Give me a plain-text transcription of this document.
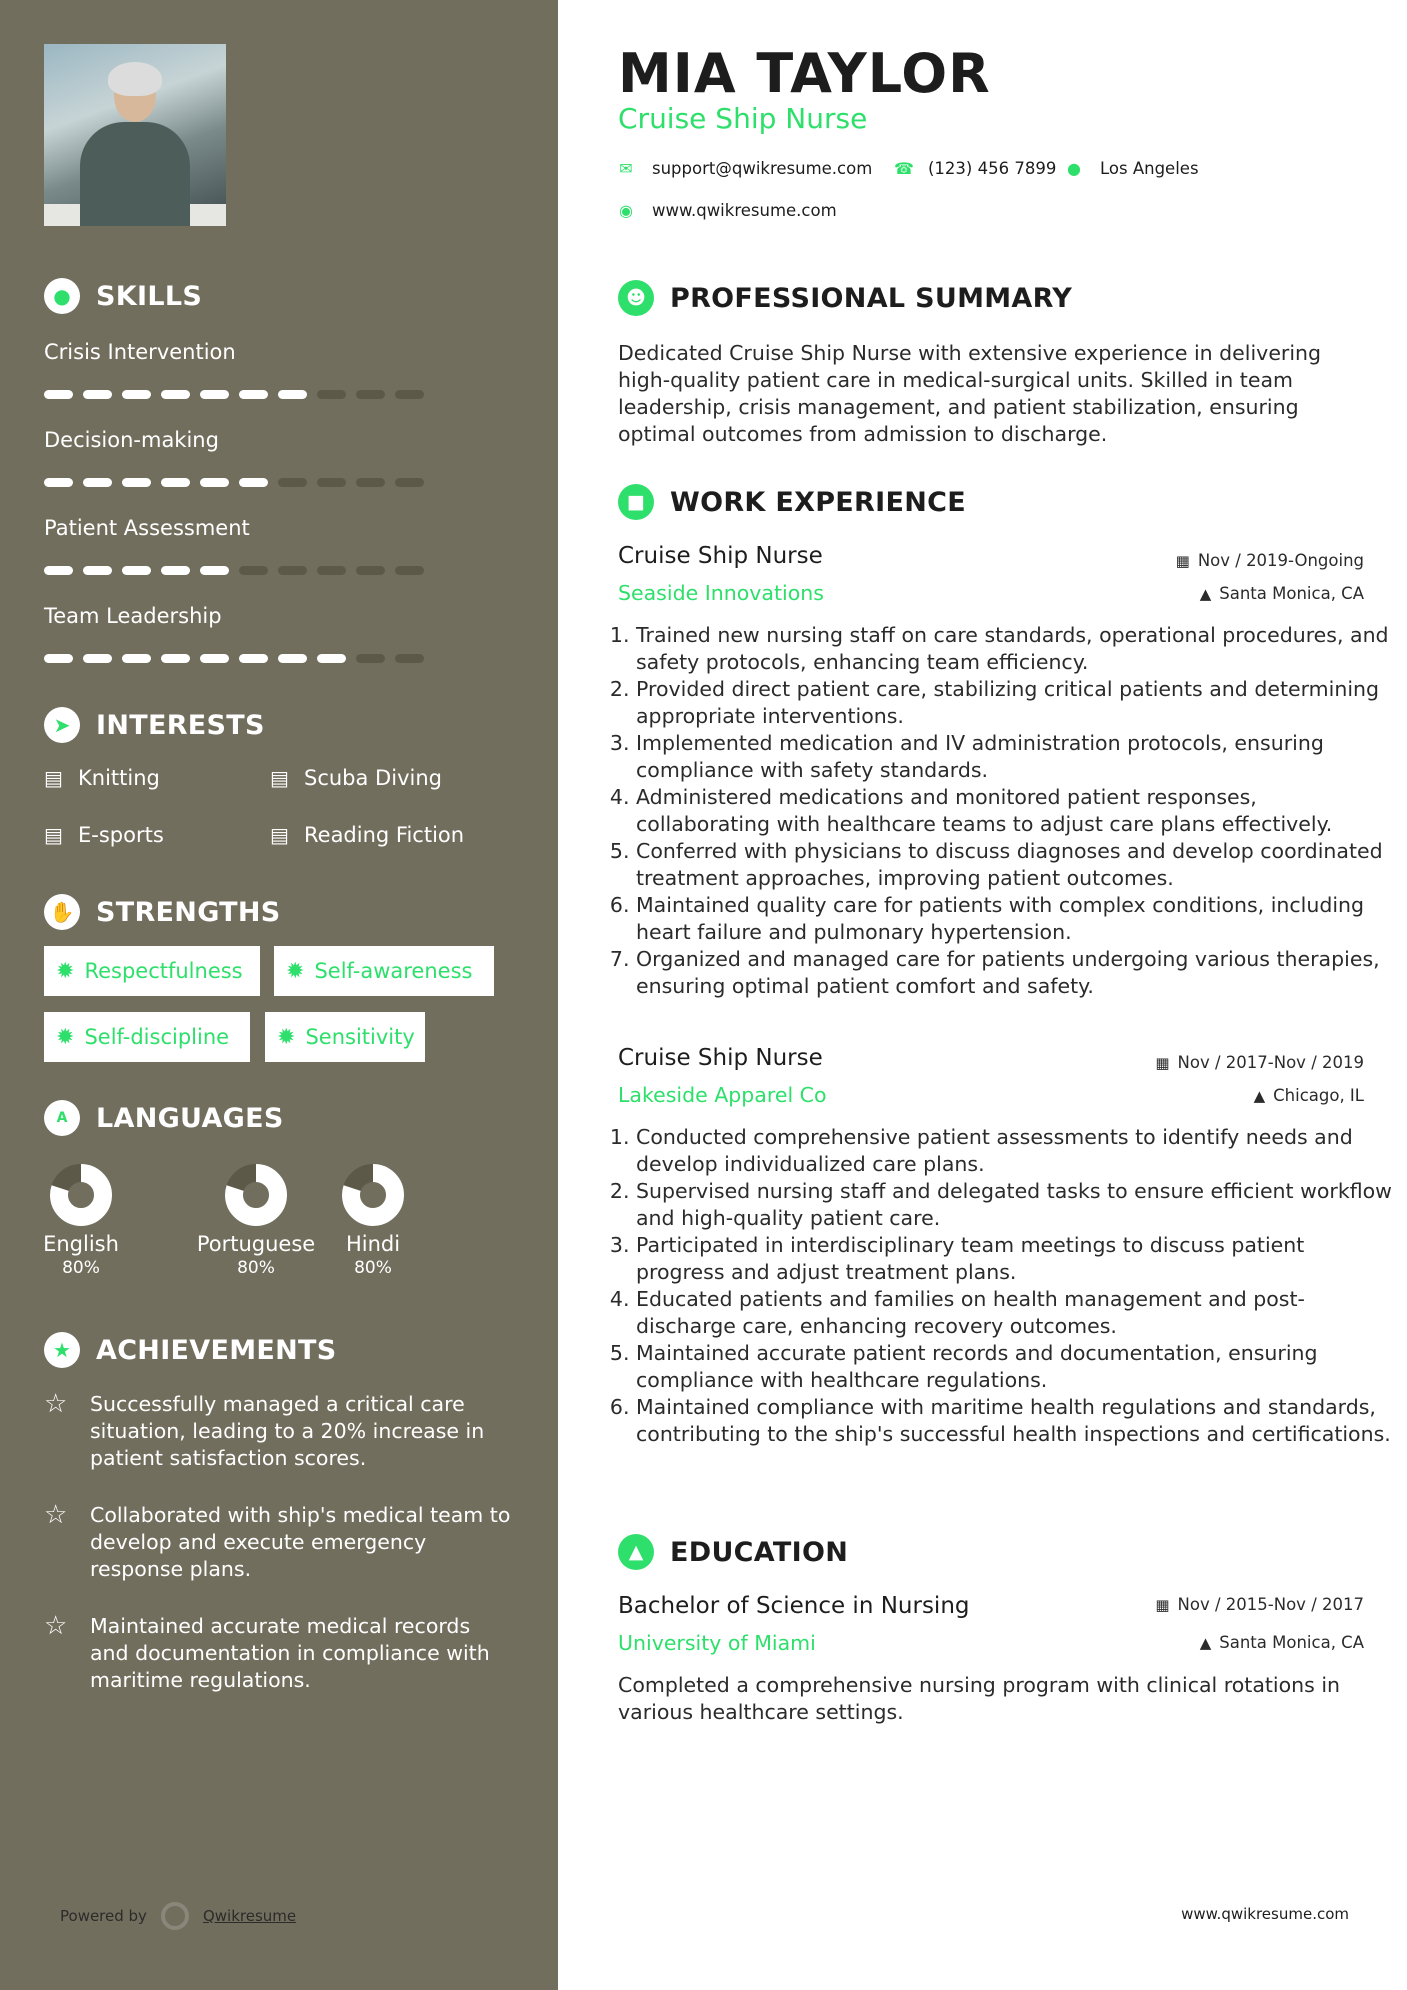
● SKILLS
Crisis Intervention
Decision-making
Patient Assessment
Team Leadership
➤ INTERESTS
▤ Knitting	▤ Scuba Diving
▤ E-sports	▤ Reading Fiction
✋ STRENGTHS
✹ Respectfulness ✹ Self-awareness
✹ Self-discipline ✹ Sensitivity
A	LANGUAGES
English
80%
Portuguese
80%
Hindi
80%
★ ACHIEVEMENTS
☆	Successfully managed a critical care situation, leading to a 20% increase in patient satisfaction scores.
☆	Collaborated with ship's medical team to develop and execute emergency response plans.
☆	Maintained accurate medical records and documentation in compliance with maritime regulations.
Powered by	Qwikresume
MIA TAYLOR
Cruise Ship Nurse
✉ support@qwikresume.com ☎ (123) 456 7899 ● Los Angeles
◉ www.qwikresume.com
☻ PROFESSIONAL SUMMARY
Dedicated Cruise Ship Nurse with extensive experience in delivering high-quality patient care in medical-surgical units. Skilled in team leadership, crisis management, and patient stabilization, ensuring optimal outcomes from admission to discharge.
■ WORK EXPERIENCE
Cruise Ship Nurse
Seaside Innovations
▦ Nov / 2019-Ongoing
▲ Santa Monica, CA
1. Trained new nursing staff on care standards, operational procedures, and safety protocols, enhancing team efficiency.
2. Provided direct patient care, stabilizing critical patients and determining appropriate interventions.
3. Implemented medication and IV administration protocols, ensuring compliance with safety standards.
4. Administered medications and monitored patient responses, collaborating with healthcare teams to adjust care plans effectively.
5. Conferred with physicians to discuss diagnoses and develop coordinated treatment approaches, improving patient outcomes.
6. Maintained quality care for patients with complex conditions, including heart failure and pulmonary hypertension.
7. Organized and managed care for patients undergoing various therapies, ensuring optimal patient comfort and safety.
Cruise Ship Nurse
Lakeside Apparel Co
▦ Nov / 2017-Nov / 2019
▲ Chicago, IL
1. Conducted comprehensive patient assessments to identify needs and develop individualized care plans.
2. Supervised nursing staff and delegated tasks to ensure efficient workflow and high-quality patient care.
3. Participated in interdisciplinary team meetings to discuss patient progress and adjust treatment plans.
4. Educated patients and families on health management and post-discharge care, enhancing recovery outcomes.
5. Maintained accurate patient records and documentation, ensuring compliance with healthcare regulations.
6. Maintained compliance with maritime health regulations and standards, contributing to the ship's successful health inspections and certifications.
▲ EDUCATION
Bachelor of Science in Nursing
University of Miami
▦ Nov / 2015-Nov / 2017
▲ Santa Monica, CA
Completed a comprehensive nursing program with clinical rotations in various healthcare settings.
www.qwikresume.com
